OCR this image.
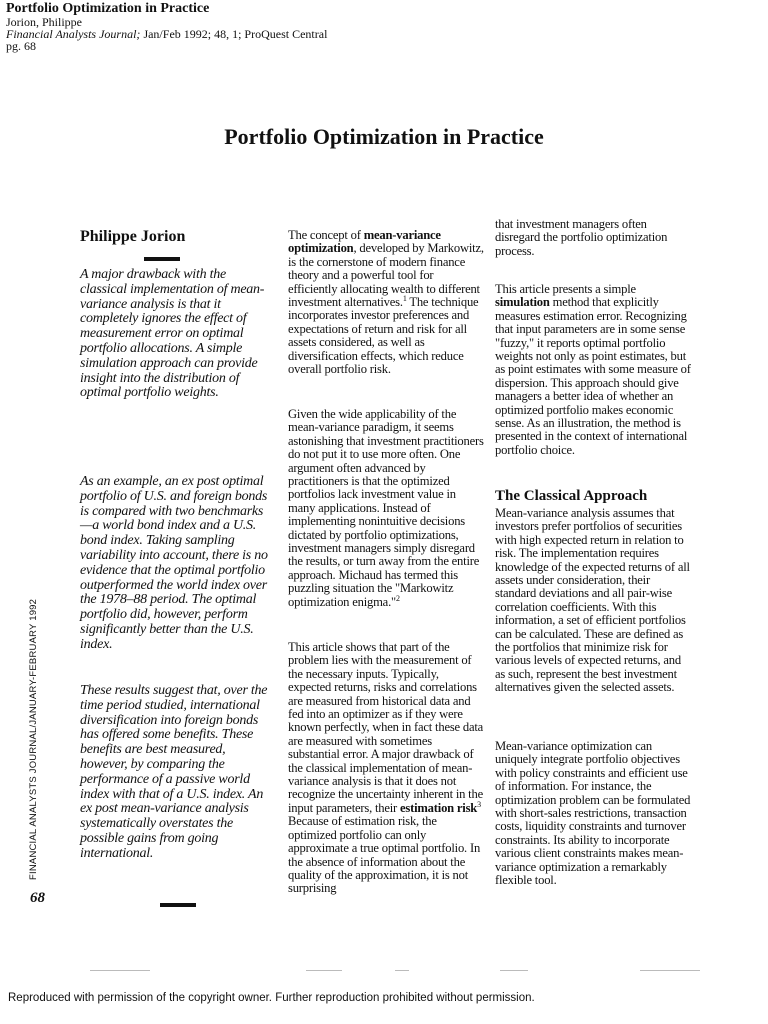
Portfolio Optimization in Practice
Jorion, Philippe
Financial Analysts Journal; Jan/Feb 1992; 48, 1; ProQuest Central
pg. 68
Portfolio Optimization in Practice
Philippe Jorion

A major drawback with the classical implementation of mean-variance analysis is that it completely ignores the effect of measurement error on optimal portfolio allocations. A simple simulation approach can provide insight into the distribution of optimal portfolio weights.

As an example, an ex post optimal portfolio of U.S. and foreign bonds is compared with two benchmarks—a world bond index and a U.S. bond index. Taking sampling variability into account, there is no evidence that the optimal portfolio outperformed the world index over the 1978–88 period. The optimal portfolio did, however, perform significantly better than the U.S. index.

These results suggest that, over the time period studied, international diversification into foreign bonds has offered some benefits. These benefits are best measured, however, by comparing the performance of a passive world index with that of a U.S. index. An ex post mean-variance analysis systematically overstates the possible gains from going international.

The concept of mean-variance optimization, developed by Markowitz, is the cornerstone of modern finance theory and a powerful tool for efficiently allocating wealth to different investment alternatives.$^1$ The technique incorporates investor preferences and expectations of return and risk for all assets considered, as well as diversification effects, which reduce overall portfolio risk.

Given the wide applicability of the mean-variance paradigm, it seems astonishing that investment practitioners do not put it to use more often. One argument often advanced by practitioners is that the optimized portfolios lack investment value in many applications. Instead of implementing nonintuitive decisions dictated by portfolio optimizations, investment managers simply disregard the results, or turn away from the entire approach. Michaud has termed this puzzling situation the "Markowitz optimization enigma."$^2$

This article shows that part of the problem lies with the measurement of the necessary inputs. Typically, expected returns, risks and correlations are measured from historical data and fed into an optimizer as if they were known perfectly, when in fact these data are measured with sometimes substantial error. A major drawback of the classical implementation of mean-variance analysis is that it does not recognize the uncertainty inherent in the input parameters, their estimation risk$^3$ Because of estimation risk, the optimized portfolio can only approximate a true optimal portfolio. In the absence of information about the quality of the approximation, it is not surprising

that investment managers often disregard the portfolio optimization process.

This article presents a simple simulation method that explicitly measures estimation error. Recognizing that input parameters are in some sense "fuzzy," it reports optimal portfolio weights not only as point estimates, but as point estimates with some measure of dispersion. This approach should give managers a better idea of whether an optimized portfolio makes economic sense. As an illustration, the method is presented in the context of international portfolio choice.

The Classical Approach

Mean-variance analysis assumes that investors prefer portfolios of securities with high expected return in relation to risk. The implementation requires knowledge of the expected returns of all assets under consideration, their standard deviations and all pair-wise correlation coefficients. With this information, a set of efficient portfolios can be calculated. These are defined as the portfolios that minimize risk for various levels of expected returns, and as such, represent the best investment alternatives given the selected assets.

Mean-variance optimization can uniquely integrate portfolio objectives with policy constraints and efficient use of information. For instance, the optimization problem can be formulated with short-sales restrictions, transaction costs, liquidity constraints and turnover constraints. Its ability to incorporate various client constraints makes mean-variance optimization a remarkably flexible tool.

FINANCIAL ANALYSTS JOURNAL/JANUARY-FEBRUARY 1992
68
Reproduced with permission of the copyright owner. Further reproduction prohibited without permission.
